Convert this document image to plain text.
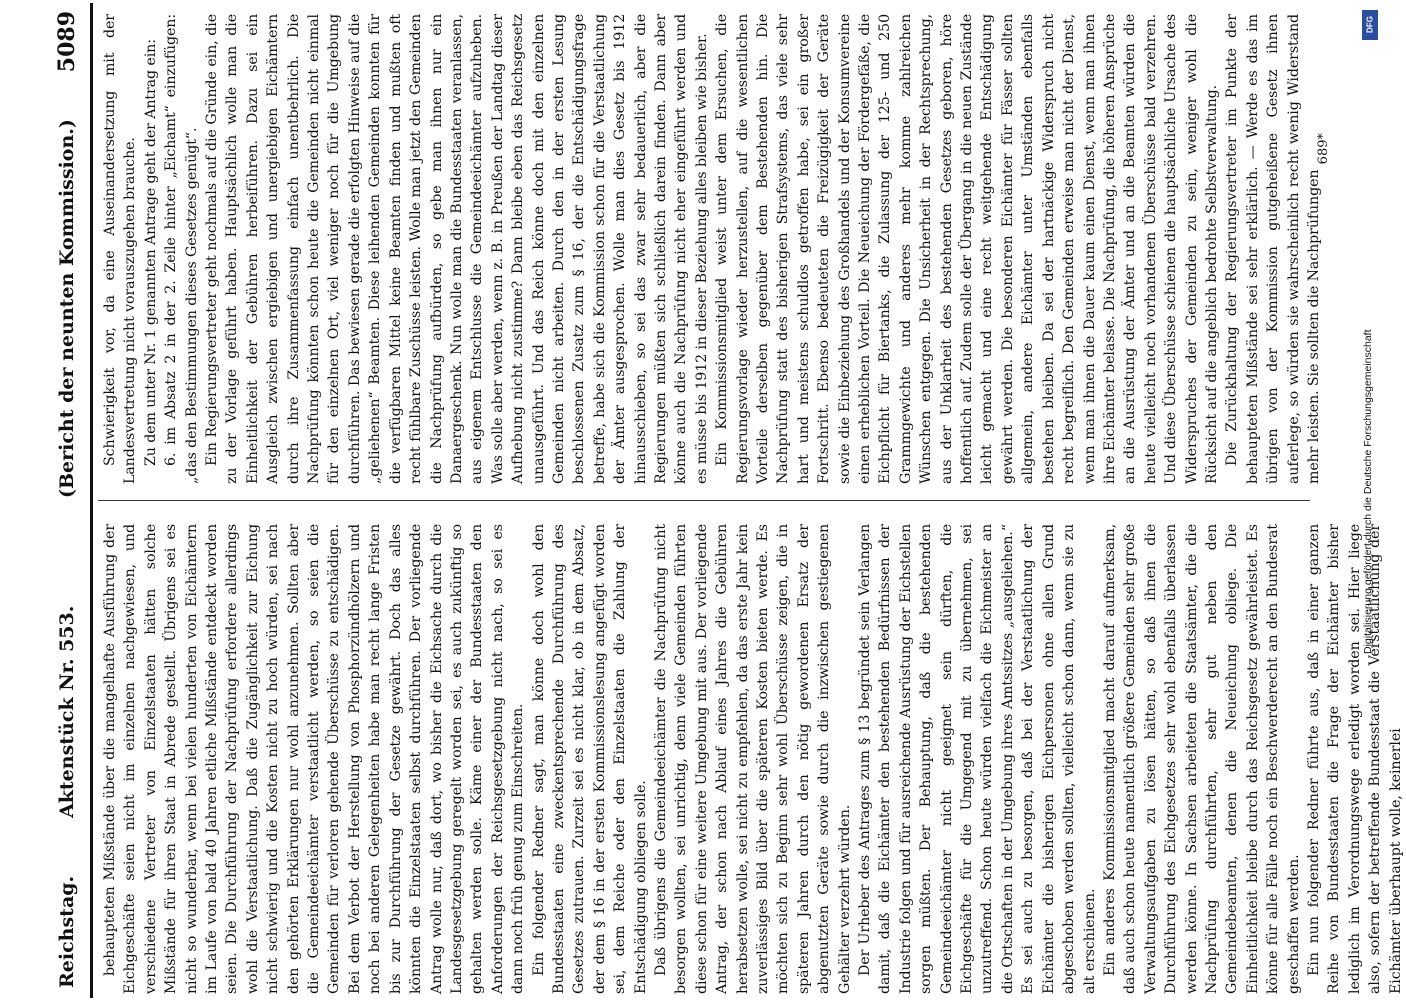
Reichstag.
Aktenstück Nr. 553.
(Bericht der neunten Kommission.)
5089

behaupteten Mißstände über die mangelhafte Ausführung der Eichgeschäfte seien nicht im einzelnen nachgewiesen, und verschiedene Vertreter von Einzelstaaten hätten solche Mißstände für ihren Staat in Abrede gestellt. Übrigens sei es nicht so wunderbar, wenn bei vielen hunderten von Eichämtern im Laufe von bald 40 Jahren etliche Mißstände entdeckt worden seien. Die Durchführung der Nachprüfung erfordere allerdings wohl die Verstaatlichung. Daß die Zugänglichkeit zur Eichung nicht schwierig und die Kosten nicht zu hoch würden, sei nach den gehörten Erklärungen nur wohl anzunehmen. Sollten aber die Gemeindeeichämter verstaatlicht werden, so seien die Gemeinden für verloren gehende Überschüsse zu entschädigen. Bei dem Verbot der Herstellung von Phosphorzündhölzern und noch bei anderen Gelegenheiten habe man recht lange Fristen bis zur Durchführung der Gesetze gewährt. Doch das alles könnten die Einzelstaaten selbst durchführen. Der vorliegende Antrag wolle nur, daß dort, wo bisher die Eichsache durch die Landesgesetzgebung geregelt worden sei, es auch zukünftig so gehalten werden solle. Käme einer der Bundesstaaten den Anforderungen der Reichsgesetzgebung nicht nach, so sei es dann noch früh genug zum Einschreiten. Ein folgender Redner sagt, man könne doch wohl den Bundesstaaten eine zweckentsprechende Durchführung des Gesetzes zutrauen. Zurzeit sei es nicht klar, ob in dem Absatz, der dem § 16 in der ersten Kommissionslesung angefügt worden sei, dem Reiche oder den Einzelstaaten die Zahlung der Entschädigung obliegen solle. Daß übrigens die Gemeindeeichämter die Nachprüfung nicht besorgen wollten, sei unrichtig, denn viele Gemeinden führten diese schon für eine weitere Umgebung mit aus. Der vorliegende Antrag, der schon nach Ablauf eines Jahres die Gebühren herabsetzen wolle, sei nicht zu empfehlen, da das erste Jahr kein zuverlässiges Bild über die späteren Kosten bieten werde. Es möchten sich zu Beginn sehr wohl Überschüsse zeigen, die in späteren Jahren durch den nötig gewordenen Ersatz der abgenutzten Geräte sowie durch die inzwischen gestiegenen Gehälter verzehrt würden. Der Urheber des Antrages zum § 13 begründet sein Verlangen damit, daß die Eichämter den bestehenden Bedürfnissen der Industrie folgen und für ausreichende Ausrüstung der Eichstellen sorgen müßten. Der Behauptung, daß die bestehenden Gemeindeeichämter nicht geeignet sein dürften, die Eichgeschäfte für die Umgegend mit zu übernehmen, sei unzutreffend. Schon heute würden vielfach die Eichmeister an die Ortschaften in der Umgebung ihres Amtssitzes „ausgeliehen.“ Es sei auch zu besorgen, daß bei der Verstaatlichung der Eichämter die bisherigen Eichpersonen ohne allen Grund abgeschoben werden sollten, vielleicht schon dann, wenn sie zu alt erschienen. Ein anderes Kommissionsmitglied macht darauf aufmerksam, daß auch schon heute namentlich größere Gemeinden sehr große Verwaltungsaufgaben zu lösen hätten, so daß ihnen die Durchführung des Eichgesetzes sehr wohl ebenfalls überlassen werden könne. In Sachsen arbeiteten die Staatsämter, die die Nachprüfung durchführten, sehr gut neben den Gemeindebeamten, denen die Neueichung obliege. Die Einheitlichkeit bleibe durch das Reichsgesetz gewährleistet. Es könne für alle Fälle noch ein Beschwerderecht an den Bundesrat geschaffen werden. Ein nun folgender Redner führte aus, daß in einer ganzen Reihe von Bundesstaaten die Frage der Eichämter bisher lediglich im Verordnungswege erledigt worden sei. Hier liege also, sofern der betreffende Bundesstaat die Verstaatlichung der Eichämter überhaupt wolle, keinerlei

Schwierigkeit vor, da eine Auseinandersetzung mit der Landesvertretung nicht vorauszugehen brauche. Zu dem unter Nr. 1 genannten Antrage geht der Antrag ein: 6. im Absatz 2 in der 2. Zeile hinter „Eichamt“ einzufügen: „das den Bestimmungen dieses Gesetzes genügt“. Ein Regierungsvertreter geht nochmals auf die Gründe ein, die zu der Vorlage geführt haben. Hauptsächlich wolle man die Einheitlichkeit der Gebühren herbeiführen. Dazu sei ein Ausgleich zwischen ergiebigen und unergiebigen Eichämtern durch ihre Zusammenfassung einfach unentbehrlich. Die Nachprüfung könnten schon heute die Gemeinden nicht einmal für den einzelnen Ort, viel weniger noch für die Umgebung durchführen. Das bewiesen gerade die erfolgten Hinweise auf die „geliehenen“ Beamten. Diese leihenden Gemeinden konnten für die verfügbaren Mittel keine Beamten finden und mußten oft recht fühlbare Zuschüsse leisten. Wolle man jetzt den Gemeinden die Nachprüfung aufbürden, so gebe man ihnen nur ein Danaergeschenk. Nun wolle man die Bundesstaaten veranlassen, aus eigenem Entschlusse die Gemeindeeichämter aufzuheben. Was solle aber werden, wenn z. B. in Preußen der Landtag dieser Aufhebung nicht zustimme? Dann bleibe eben das Reichsgesetz unausgeführt. Und das Reich könne doch mit den einzelnen Gemeinden nicht arbeiten. Durch den in der ersten Lesung beschlossenen Zusatz zum § 16, der die Entschädigungsfrage betreffe, habe sich die Kommission schon für die Verstaatlichung der Ämter ausgesprochen. Wolle man dies Gesetz bis 1912 hinausschieben, so sei das zwar sehr bedauerlich, aber die Regierungen müßten sich schließlich darein finden. Dann aber könne auch die Nachprüfung nicht eher eingeführt werden und es müsse bis 1912 in dieser Beziehung alles bleiben wie bisher. Ein Kommissionsmitglied weist unter dem Ersuchen, die Regierungsvorlage wieder herzustellen, auf die wesentlichen Vorteile derselben gegenüber dem Bestehenden hin. Die Nachprüfung statt des bisherigen Strafsystems, das viele sehr hart und meistens schuldlos getroffen habe, sei ein großer Fortschritt. Ebenso bedeuteten die Freizügigkeit der Geräte sowie die Einbeziehung des Großhandels und der Konsumvereine einen erheblichen Vorteil. Die Neueichung der Fördergefäße, die Eichpflicht für Biertanks, die Zulassung der 125- und 250 Grammgewichte und anderes mehr komme zahlreichen Wünschen entgegen. Die Unsicherheit in der Rechtsprechung, aus der Unklarheit des bestehenden Gesetzes geboren, höre hoffentlich auf. Zudem solle der Übergang in die neuen Zustände leicht gemacht und eine recht weitgehende Entschädigung gewährt werden. Die besonderen Eichämter für Fässer sollten allgemein, andere Eichämter unter Umständen ebenfalls bestehen bleiben. Da sei der hartnäckige Widerspruch nicht recht begreiflich. Den Gemeinden erweise man nicht der Dienst, wenn man ihnen die Dauer kaum einen Dienst, wenn man ihnen ihre Eichämter belasse. Die Nachprüfung, die höheren Ansprüche an die Ausrüstung der Ämter und an die Beamten würden die heute vielleicht noch vorhandenen Überschüsse bald verzehren. Und diese Überschüsse schienen die hauptsächliche Ursache des Widerspruches der Gemeinden zu sein, weniger wohl die Rücksicht auf die angeblich bedrohte Selbstverwaltung. Die Zurückhaltung der Regierungsvertreter im Punkte der behaupteten Mißstände sei sehr erklärlich. — Werde es das im übrigen von der Kommission gutgeheißene Gesetz ihnen auferlege, so würden sie wahrscheinlich recht wenig Widerstand mehr leisten. Sie sollten die Nachprüfungen

689*
DFG
Digitalisierung gefördert durch die Deutsche Forschungsgemeinschaft
